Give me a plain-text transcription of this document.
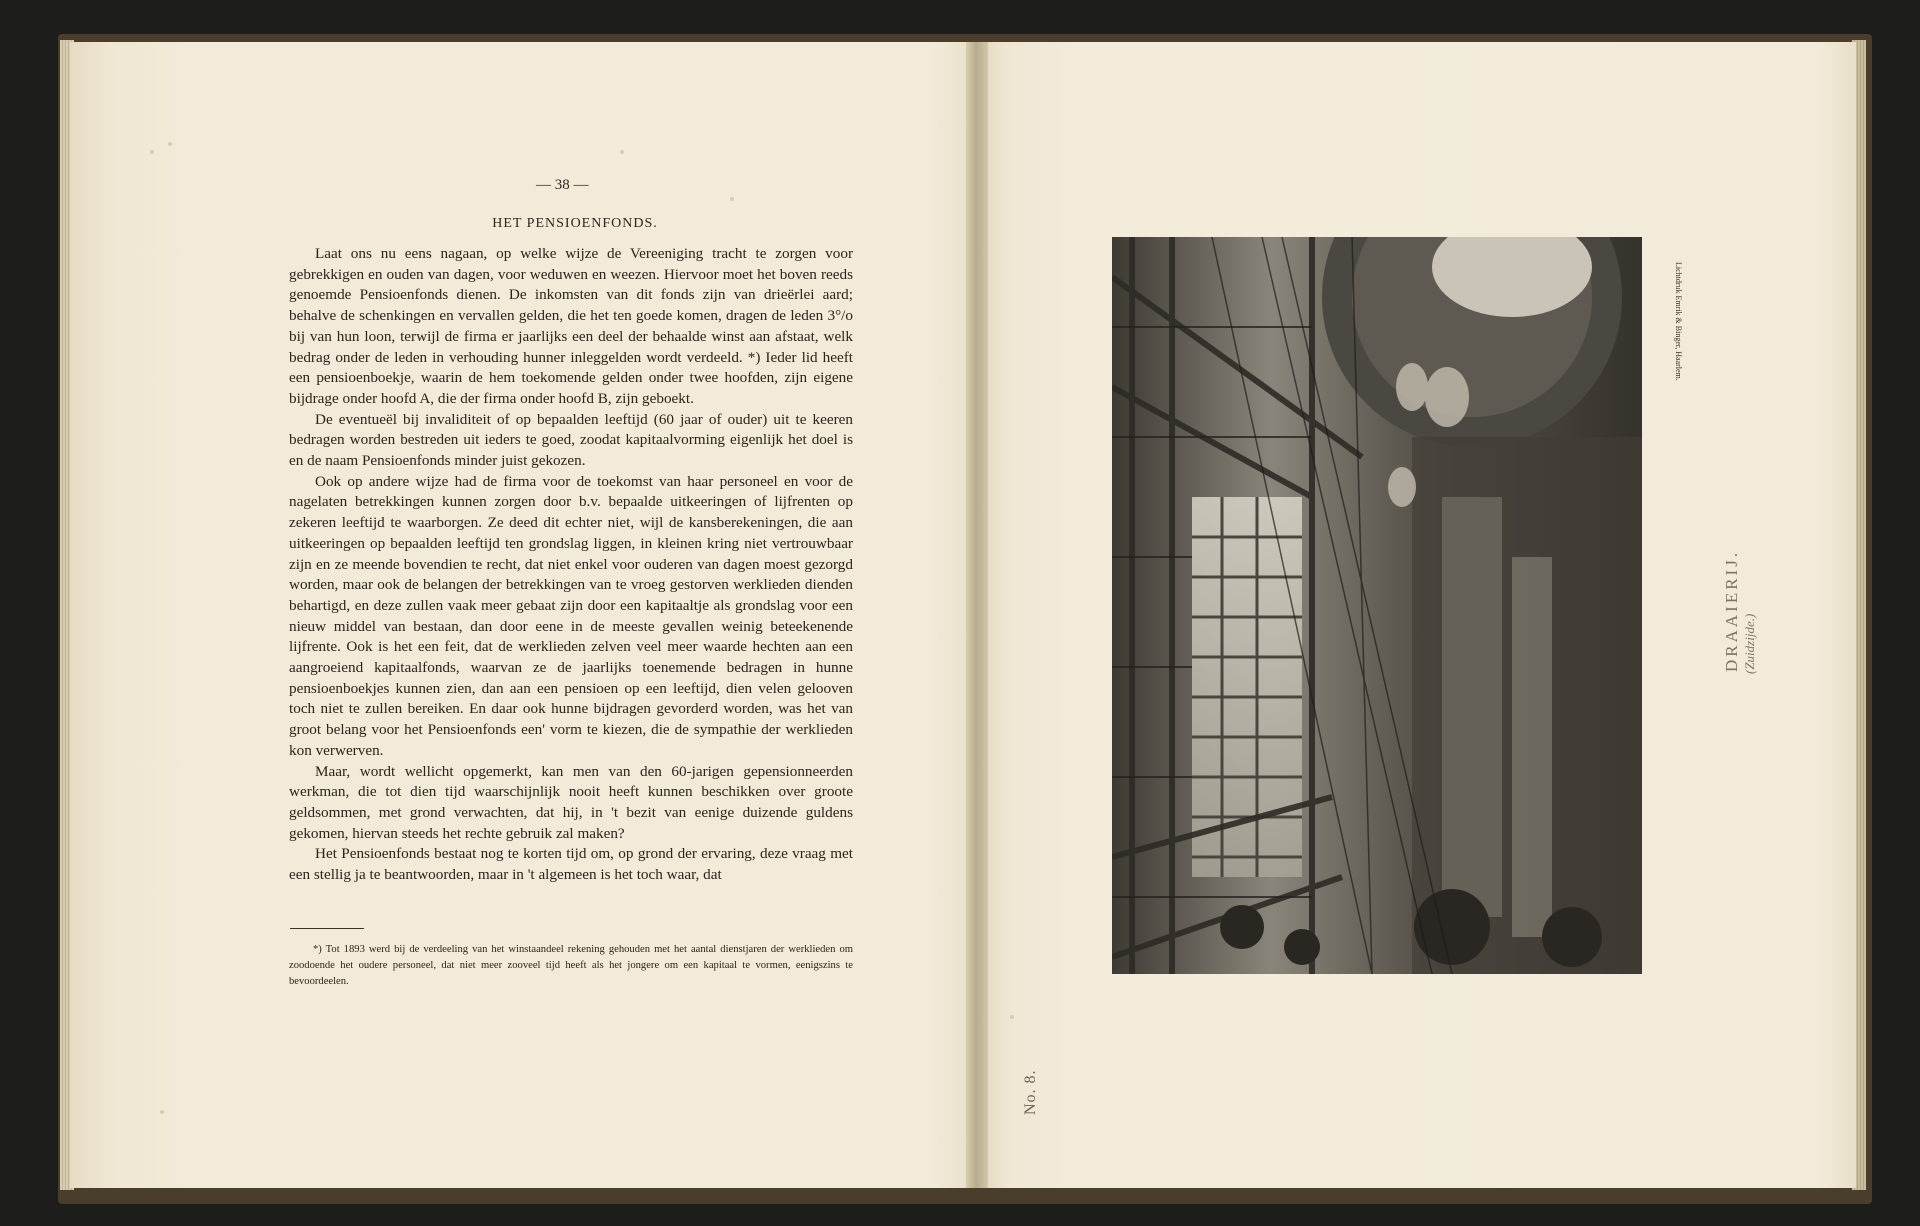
— 38 —
HET PENSIOENFONDS.

Laat ons nu eens nagaan, op welke wijze de Vereeniging tracht te zorgen voor gebrekkigen en ouden van dagen, voor weduwen en weezen. Hiervoor moet het boven reeds genoemde Pensioenfonds dienen. De inkomsten van dit fonds zijn van drieërlei aard; behalve de schenkingen en vervallen gelden, die het ten goede komen, dragen de leden 3°/o bij van hun loon, terwijl de firma er jaarlijks een deel der behaalde winst aan afstaat, welk bedrag onder de leden in verhouding hunner inleggelden wordt verdeeld. *) Ieder lid heeft een pensioenboekje, waarin de hem toekomende gelden onder twee hoofden, zijn eigene bijdrage onder hoofd A, die der firma onder hoofd B, zijn geboekt.

De eventueël bij invaliditeit of op bepaalden leeftijd (60 jaar of ouder) uit te keeren bedragen worden bestreden uit ieders te goed, zoodat kapitaalvorming eigenlijk het doel is en de naam Pensioenfonds minder juist gekozen.

Ook op andere wijze had de firma voor de toekomst van haar personeel en voor de nagelaten betrekkingen kunnen zorgen door b.v. bepaalde uitkeeringen of lijfrenten op zekeren leeftijd te waarborgen. Ze deed dit echter niet, wijl de kansberekeningen, die aan uitkeeringen op bepaalden leeftijd ten grondslag liggen, in kleinen kring niet vertrouwbaar zijn en ze meende bovendien te recht, dat niet enkel voor ouderen van dagen moest gezorgd worden, maar ook de belangen der betrekkingen van te vroeg gestorven werklieden dienden behartigd, en deze zullen vaak meer gebaat zijn door een kapitaaltje als grondslag voor een nieuw middel van bestaan, dan door eene in de meeste gevallen weinig beteekenende lijfrente. Ook is het een feit, dat de werklieden zelven veel meer waarde hechten aan een aangroeiend kapitaalfonds, waarvan ze de jaarlijks toenemende bedragen in hunne pensioenboekjes kunnen zien, dan aan een pensioen op een leeftijd, dien velen gelooven toch niet te zullen bereiken. En daar ook hunne bijdragen gevorderd worden, was het van groot belang voor het Pensioenfonds een' vorm te kiezen, die de sympathie der werklieden kon verwerven.

Maar, wordt wellicht opgemerkt, kan men van den 60-jarigen gepensionneerden werkman, die tot dien tijd waarschijnlijk nooit heeft kunnen beschikken over groote geldsommen, met grond verwachten, dat hij, in 't bezit van eenige duizende guldens gekomen, hiervan steeds het rechte gebruik zal maken?

Het Pensioenfonds bestaat nog te korten tijd om, op grond der ervaring, deze vraag met een stellig ja te beantwoorden, maar in 't algemeen is het toch waar, dat

*) Tot 1893 werd bij de verdeeling van het winstaandeel rekening gehouden met het aantal dienstjaren der werklieden om zoodoende het oudere personeel, dat niet meer zooveel tijd heeft als het jongere om een kapitaal te vormen, eenigszins te bevoordeelen.

Lichtdruk Emrik & Binger, Haarlem.
DRAAIERIJ. (Zuidzijde.)
No. 8.
